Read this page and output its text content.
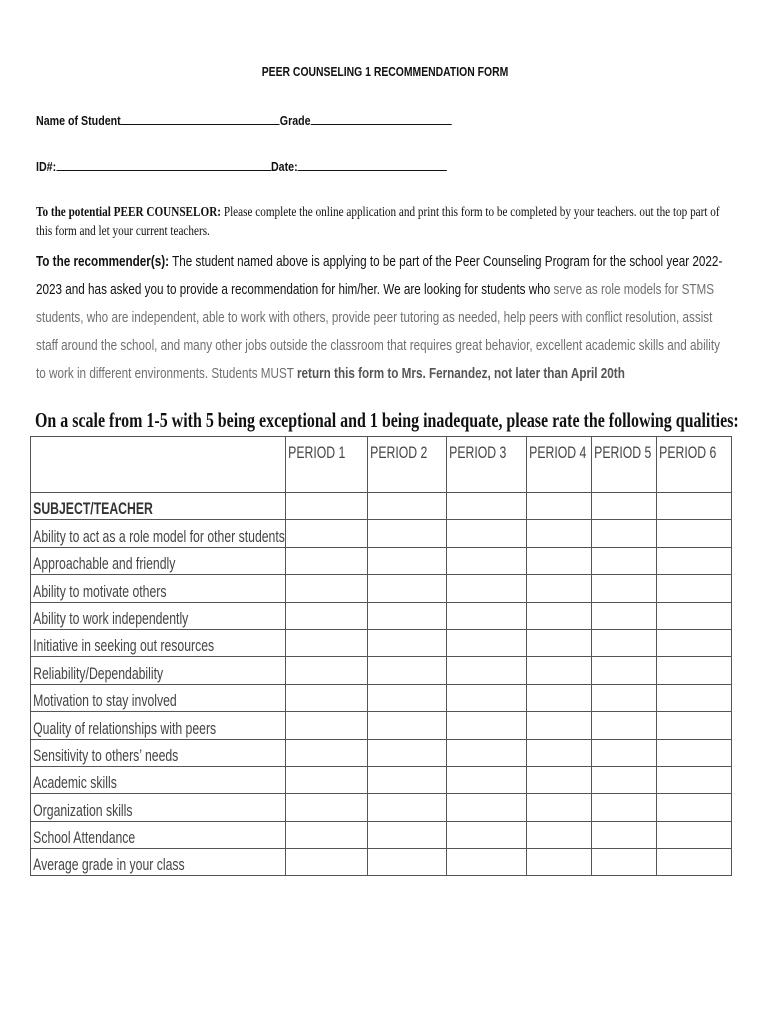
PEER COUNSELING 1 RECOMMENDATION FORM
Name of Student	Grade
ID#:	Date:
To the potential PEER COUNSELOR: Please complete the online application and print this form to be completed by your teachers. out the top part of this form and let your current teachers.
To the recommender(s): The student named above is applying to be part of the Peer Counseling Program for the school year 2022-2023 and has asked you to provide a recommendation for him/her. We are looking for students who serve as role models for STMS students, who are independent, able to work with others, provide peer tutoring as needed, help peers with conflict resolution, assist staff around the school, and many other jobs outside the classroom that requires great behavior, excellent academic skills and ability to work in different environments. Students MUST return this form to Mrs. Fernandez, not later than April 20th
On a scale from 1-5 with 5 being exceptional and 1 being inadequate, please rate the following qualities:
	PERIOD 1	PERIOD 2	PERIOD 3	PERIOD 4	PERIOD 5	PERIOD 6
SUBJECT/TEACHER						
Ability to act as a role model for other students						
Approachable and friendly						
Ability to motivate others						
Ability to work independently						
Initiative in seeking out resources						
Reliability/Dependability						
Motivation to stay involved						
Quality of relationships with peers						
Sensitivity to others’ needs						
Academic skills						
Organization skills						
School Attendance						
Average grade in your class						
